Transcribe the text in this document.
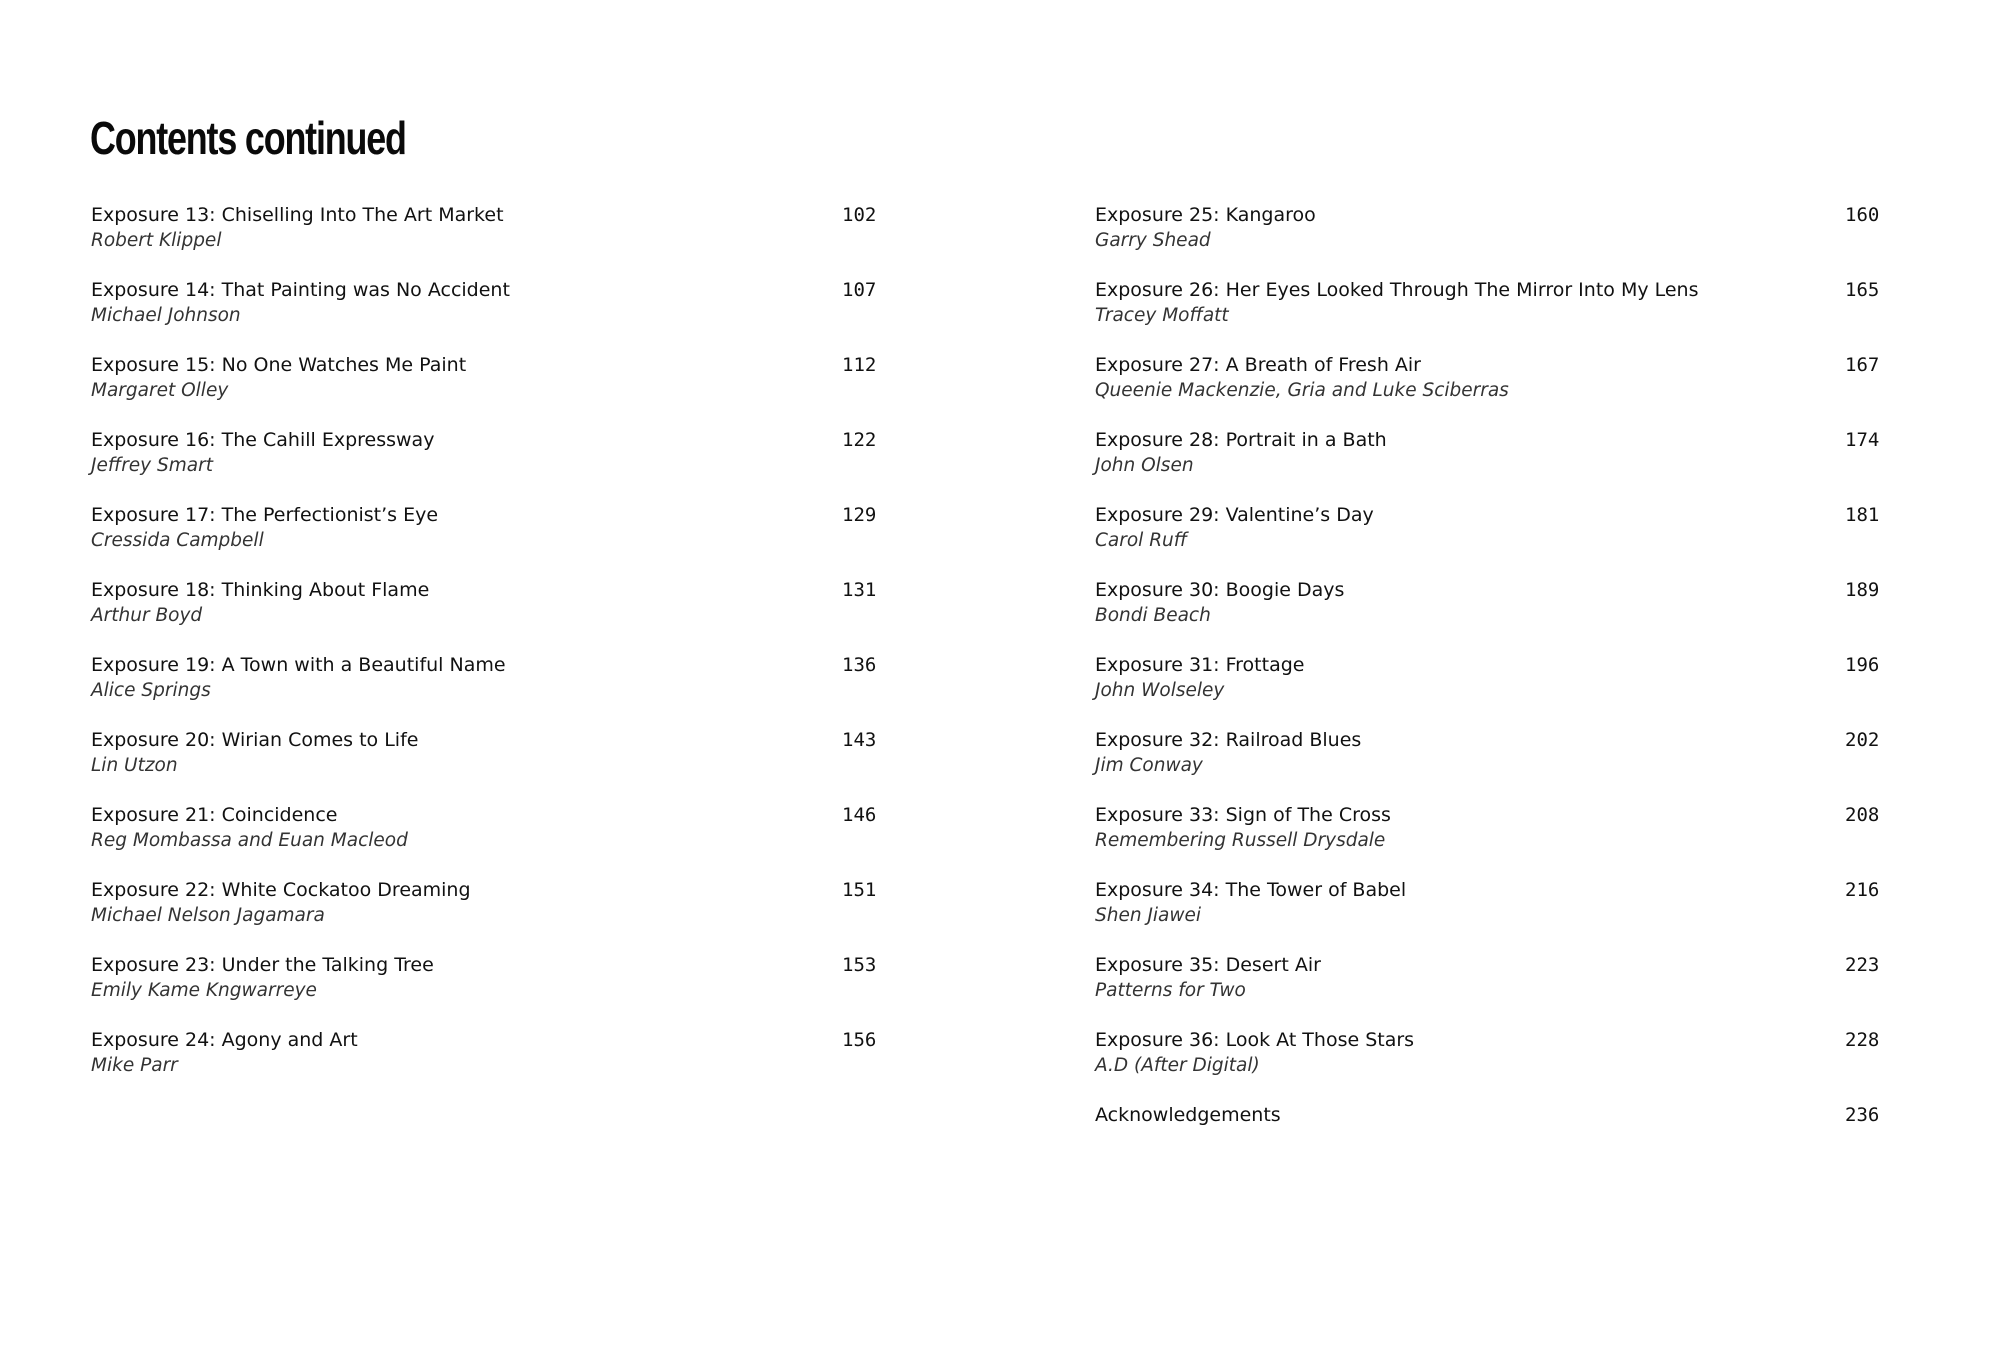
Contents continued
Exposure 13: Chiselling Into The Art Market
Robert Klippel
102
Exposure 14: That Painting was No Accident
Michael Johnson
107
Exposure 15: No One Watches Me Paint
Margaret Olley
112
Exposure 16: The Cahill Expressway
Jeffrey Smart
122
Exposure 17: The Perfectionist’s Eye
Cressida Campbell
129
Exposure 18: Thinking About Flame
Arthur Boyd
131
Exposure 19: A Town with a Beautiful Name
Alice Springs
136
Exposure 20: Wirian Comes to Life
Lin Utzon
143
Exposure 21: Coincidence
Reg Mombassa and Euan Macleod
146
Exposure 22: White Cockatoo Dreaming
Michael Nelson Jagamara
151
Exposure 23: Under the Talking Tree
Emily Kame Kngwarreye
153
Exposure 24: Agony and Art
Mike Parr
156
Exposure 25: Kangaroo
Garry Shead
160
Exposure 26: Her Eyes Looked Through The Mirror Into My Lens
Tracey Moffatt
165
Exposure 27: A Breath of Fresh Air
Queenie Mackenzie, Gria and Luke Sciberras
167
Exposure 28: Portrait in a Bath
John Olsen
174
Exposure 29: Valentine’s Day
Carol Ruff
181
Exposure 30: Boogie Days
Bondi Beach
189
Exposure 31: Frottage
John Wolseley
196
Exposure 32: Railroad Blues
Jim Conway
202
Exposure 33: Sign of The Cross
Remembering Russell Drysdale
208
Exposure 34: The Tower of Babel
Shen Jiawei
216
Exposure 35: Desert Air
Patterns for Two
223
Exposure 36: Look At Those Stars
A.D (After Digital)
228
Acknowledgements	236
